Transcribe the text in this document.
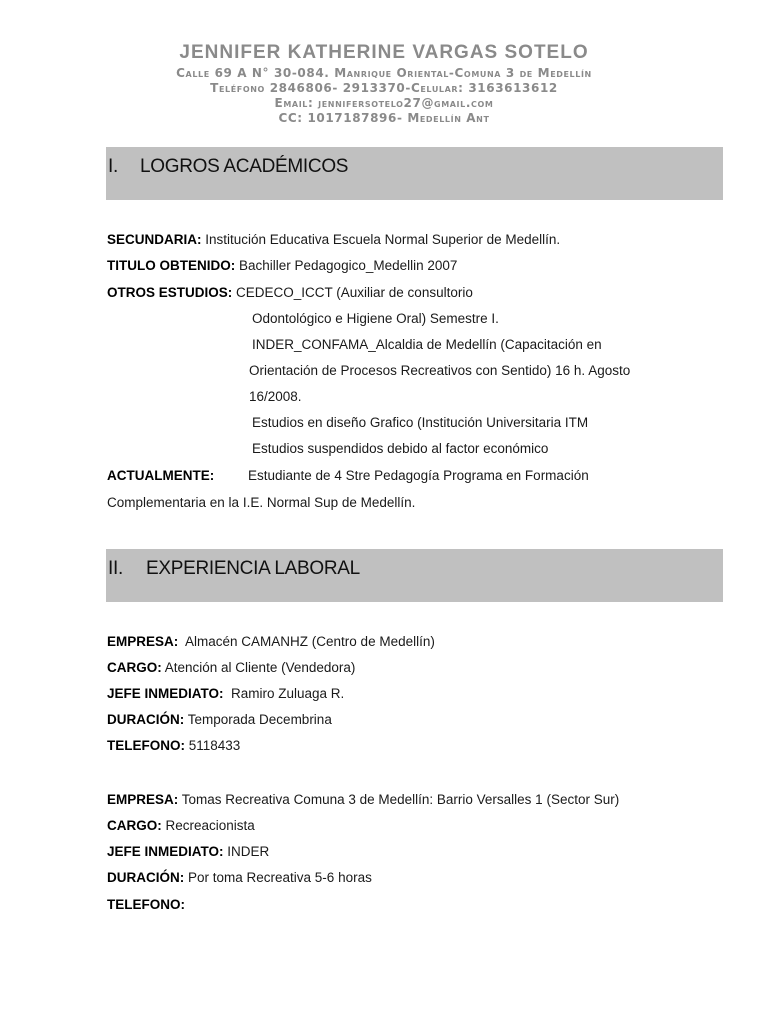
JENNIFER KATHERINE VARGAS SOTELO
Calle 69 A N° 30-084. Manrique Oriental-Comuna 3 de Medellín
Teléfono 2846806- 2913370-Celular: 3163613612
Email: jennifersotelo27@gmail.com
CC: 1017187896- Medellín Ant
I. LOGROS ACADÉMICOS
SECUNDARIA: Institución Educativa Escuela Normal Superior de Medellín.
TITULO OBTENIDO: Bachiller Pedagogico_Medellin 2007
OTROS ESTUDIOS: CEDECO_ICCT (Auxiliar de consultorio
Odontológico e Higiene Oral) Semestre I.
INDER_CONFAMA_Alcaldia de Medellín (Capacitación en
Orientación de Procesos Recreativos con Sentido) 16 h. Agosto
16/2008.
Estudios en diseño Grafico (Institución Universitaria ITM
Estudios suspendidos debido al factor económico
ACTUALMENTE:	Estudiante de 4 Stre Pedagogía Programa en Formación
Complementaria en la I.E. Normal Sup de Medellín.
II. EXPERIENCIA LABORAL
EMPRESA:  Almacén CAMANHZ (Centro de Medellín)
CARGO: Atención al Cliente (Vendedora)
JEFE INMEDIATO:  Ramiro Zuluaga R.
DURACIÓN: Temporada Decembrina
TELEFONO: 5118433
EMPRESA: Tomas Recreativa Comuna 3 de Medellín: Barrio Versalles 1 (Sector Sur)
CARGO: Recreacionista
JEFE INMEDIATO: INDER
DURACIÓN: Por toma Recreativa 5-6 horas
TELEFONO:
